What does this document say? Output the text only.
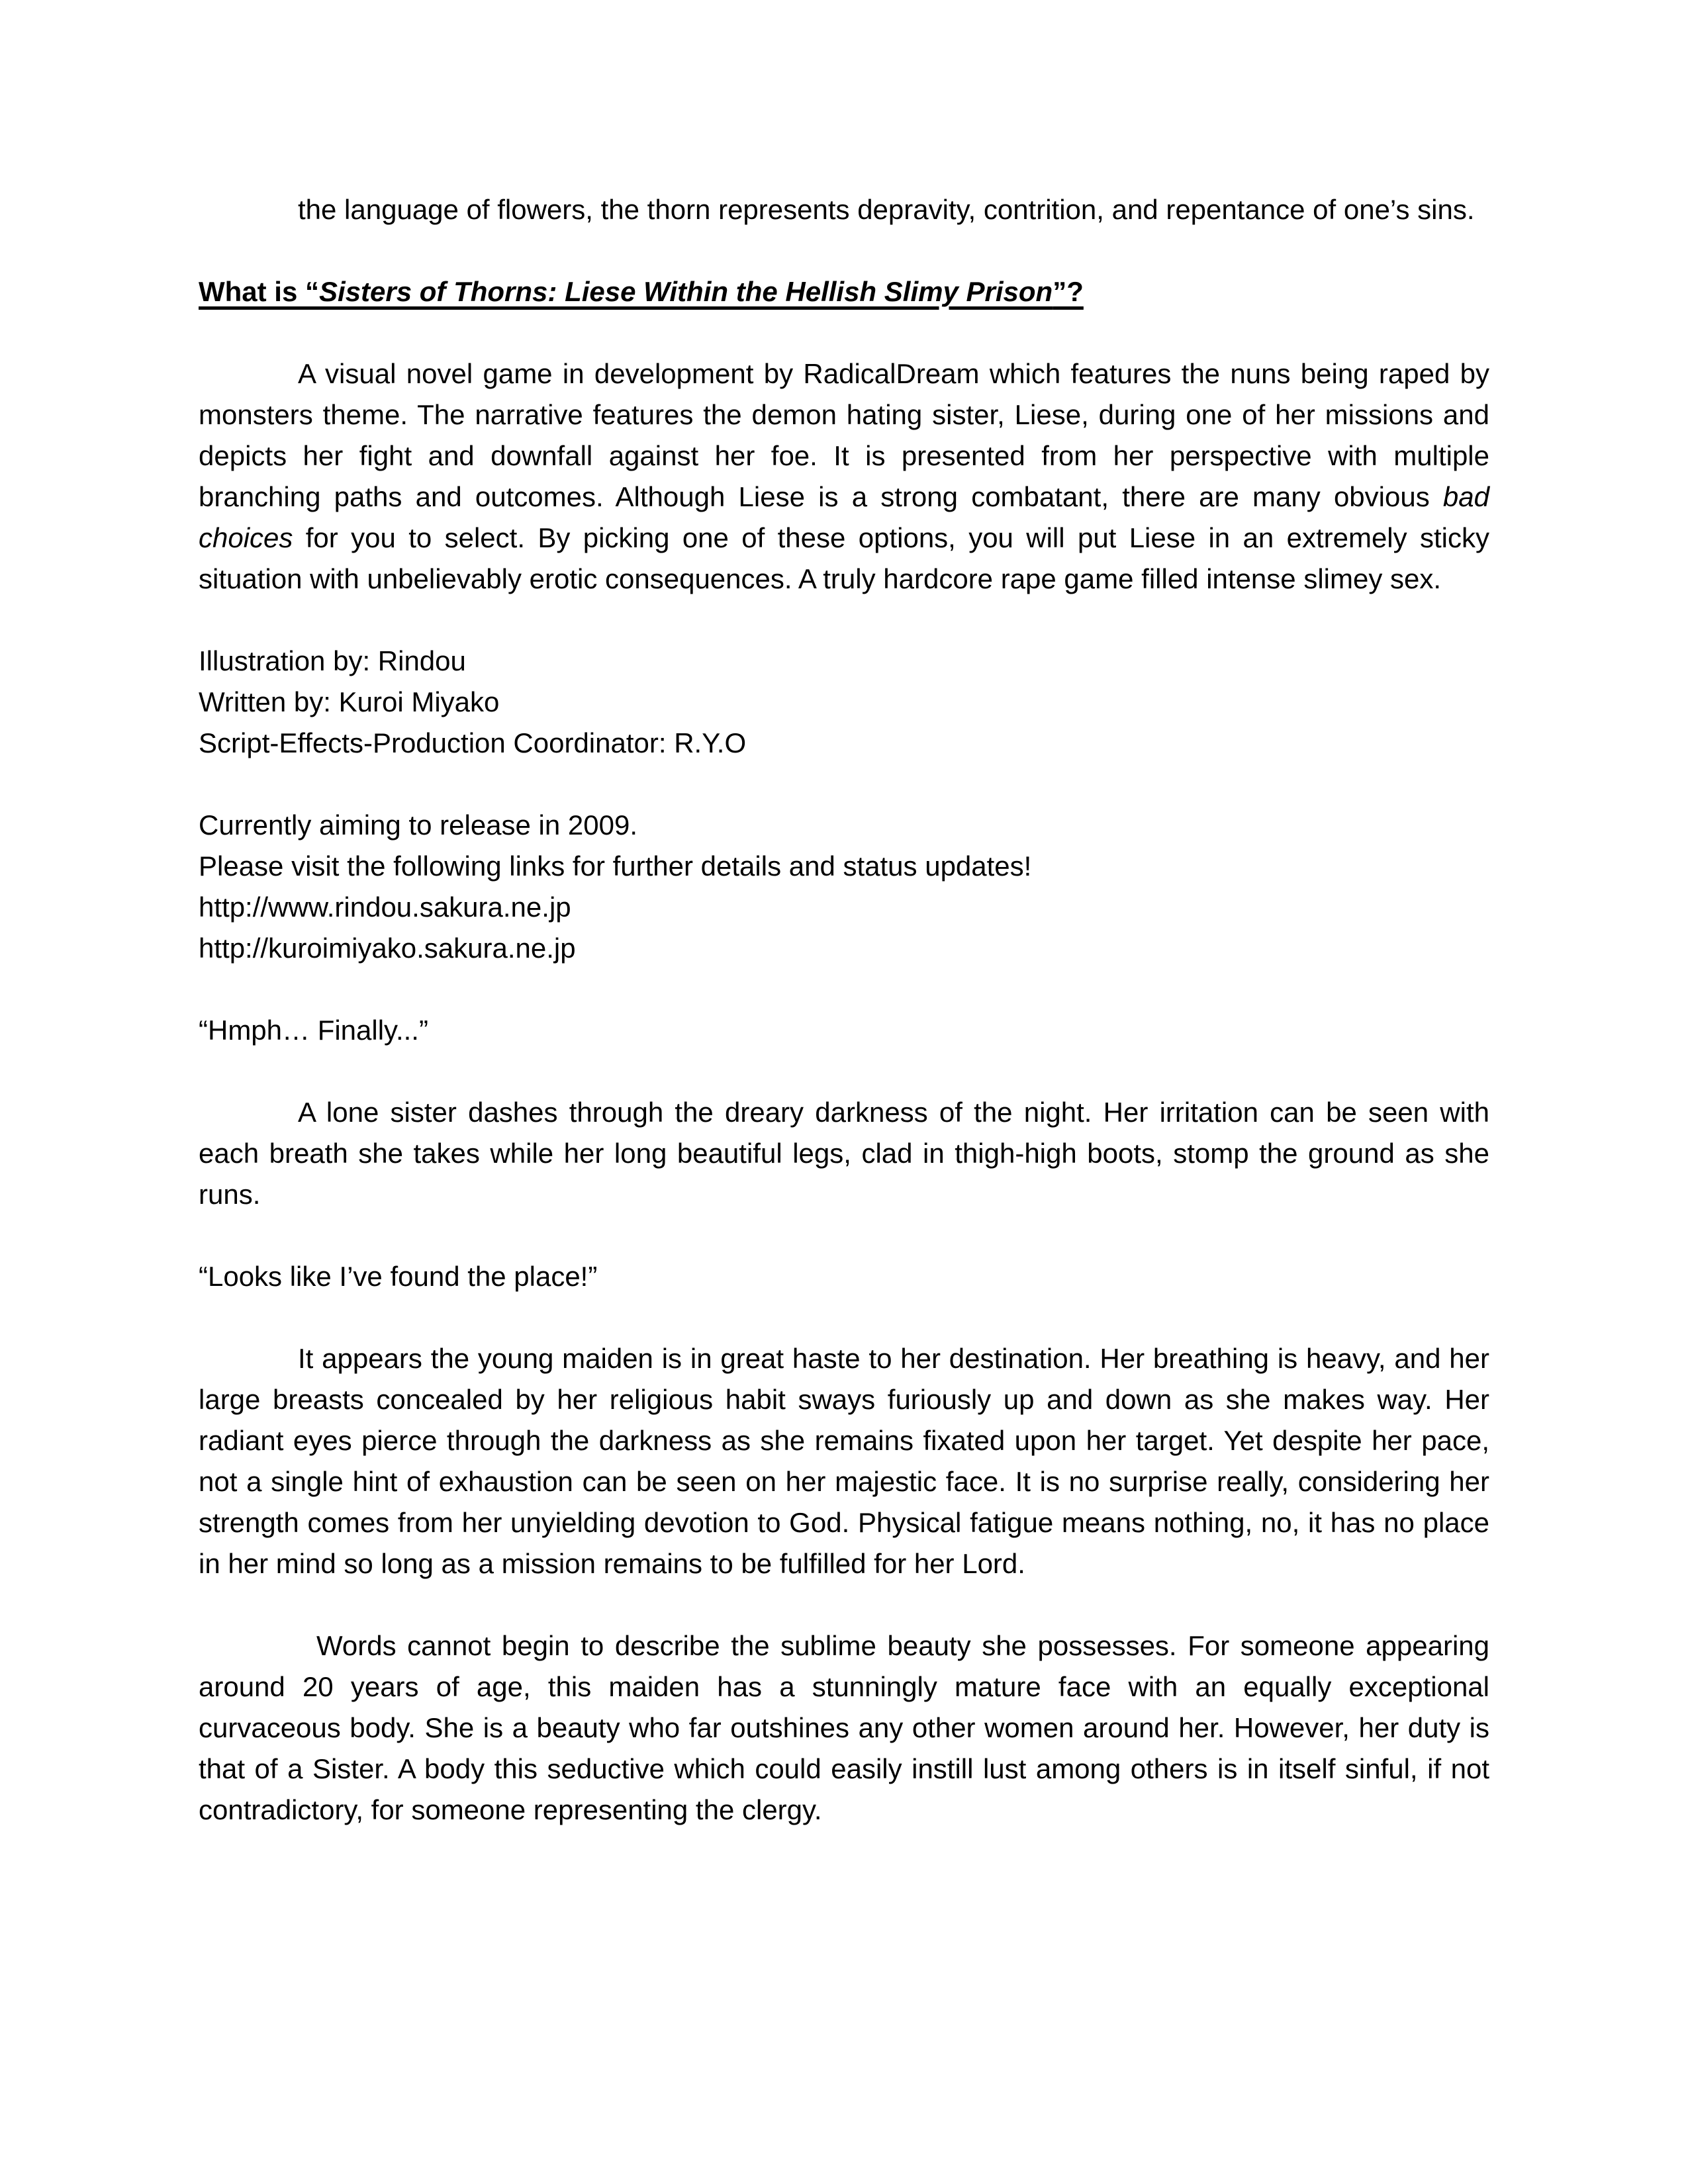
the language of flowers, the thorn represents depravity, contrition, and repentance of one’s sins.

What is “Sisters of Thorns: Liese Within the Hellish Slimy Prison”?

A visual novel game in development by RadicalDream which features the nuns being raped by monsters theme. The narrative features the demon hating sister, Liese, during one of her missions and depicts her fight and downfall against her foe. It is presented from her perspective with multiple branching paths and outcomes. Although Liese is a strong combatant, there are many obvious bad choices for you to select. By picking one of these options, you will put Liese in an extremely sticky situation with unbelievably erotic consequences. A truly hardcore rape game filled intense slimey sex.

Illustration by: Rindou

Written by: Kuroi Miyako

Script-Effects-Production Coordinator: R.Y.O

Currently aiming to release in 2009.

Please visit the following links for further details and status updates!

http://www.rindou.sakura.ne.jp

http://kuroimiyako.sakura.ne.jp

“Hmph… Finally...”

A lone sister dashes through the dreary darkness of the night. Her irritation can be seen with each breath she takes while her long beautiful legs, clad in thigh-high boots, stomp the ground as she runs.

“Looks like I’ve found the place!”

It appears the young maiden is in great haste to her destination. Her breathing is heavy, and her large breasts concealed by her religious habit sways furiously up and down as she makes way. Her radiant eyes pierce through the darkness as she remains fixated upon her target. Yet despite her pace, not a single hint of exhaustion can be seen on her majestic face. It is no surprise really, considering her strength comes from her unyielding devotion to God. Physical fatigue means nothing, no, it has no place in her mind so long as a mission remains to be fulfilled for her Lord.

Words cannot begin to describe the sublime beauty she possesses. For someone appearing around 20 years of age, this maiden has a stunningly mature face with an equally exceptional curvaceous body. She is a beauty who far outshines any other women around her. However, her duty is that of a Sister. A body this seductive which could easily instill lust among others is in itself sinful, if not contradictory, for someone representing the clergy.
